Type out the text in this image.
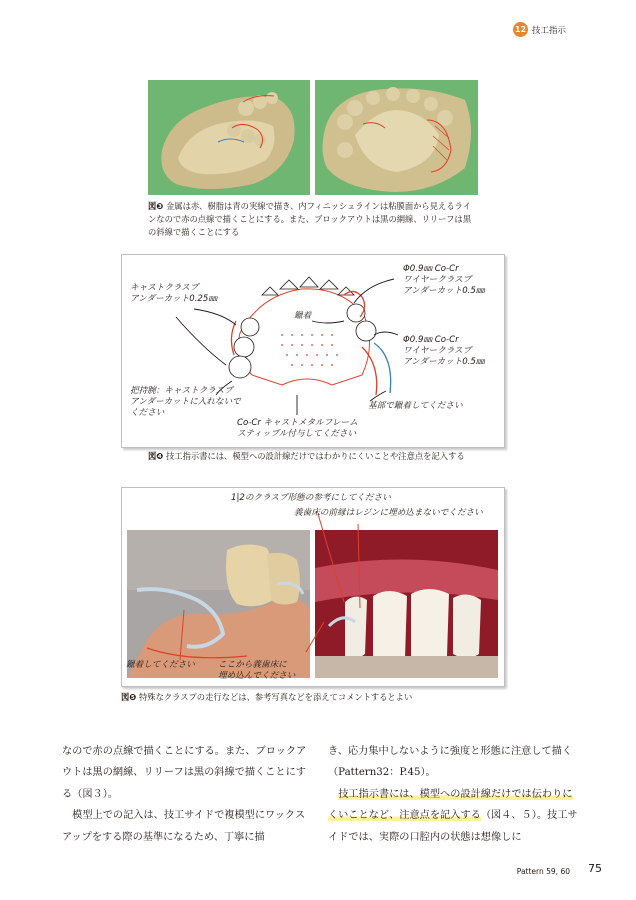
12 技工指示
図❸ 金属は赤、樹脂は青の実線で描き、内フィニッシュラインは粘膜面から見えるラインなので赤の点線で描くことにする。また、ブロックアウトは黒の網線、リリーフは黒の斜線で描くことにする
Φ0.9㎜ Co-Cr
ワイヤークラスプ
アンダーカット0.5㎜
キャストクラスプ
アンダーカット0.25㎜
鑞着
Φ0.9㎜ Co-Cr
ワイヤークラスプ
アンダーカット0.5㎜
把持腕：キャストクラスプ
アンダーカットに入れないで
ください
基部で鑞着してください
Co-Cr キャストメタルフレーム
スティップル付与してください
図❹ 技工指示書には、模型への設計線だけではわかりにくいことや注意点を記入する
1|2のクラスプ形態の参考にしてください
義歯床の前縁はレジンに埋め込まないでください
鑞着してください	ここから義歯床に
埋め込んでください
図❺ 特殊なクラスプの走行などは、参考写真などを添えてコメントするとよい

なので赤の点線で描くことにする。また、ブロックアウトは黒の網線、リリーフは黒の斜線で描くことにする（図３）。

　模型上での記入は、技工サイドで複模型にワックスアップをする際の基準になるため、丁寧に描

き、応力集中しないように強度と形態に注意して描く（Pattern32：P.45）。

　技工指示書には、模型への設計線だけでは伝わりにくいことなど、注意点を記入する（図４、５）。技工サイドでは、実際の口腔内の状態は想像しに

Pattern 59, 60 75
